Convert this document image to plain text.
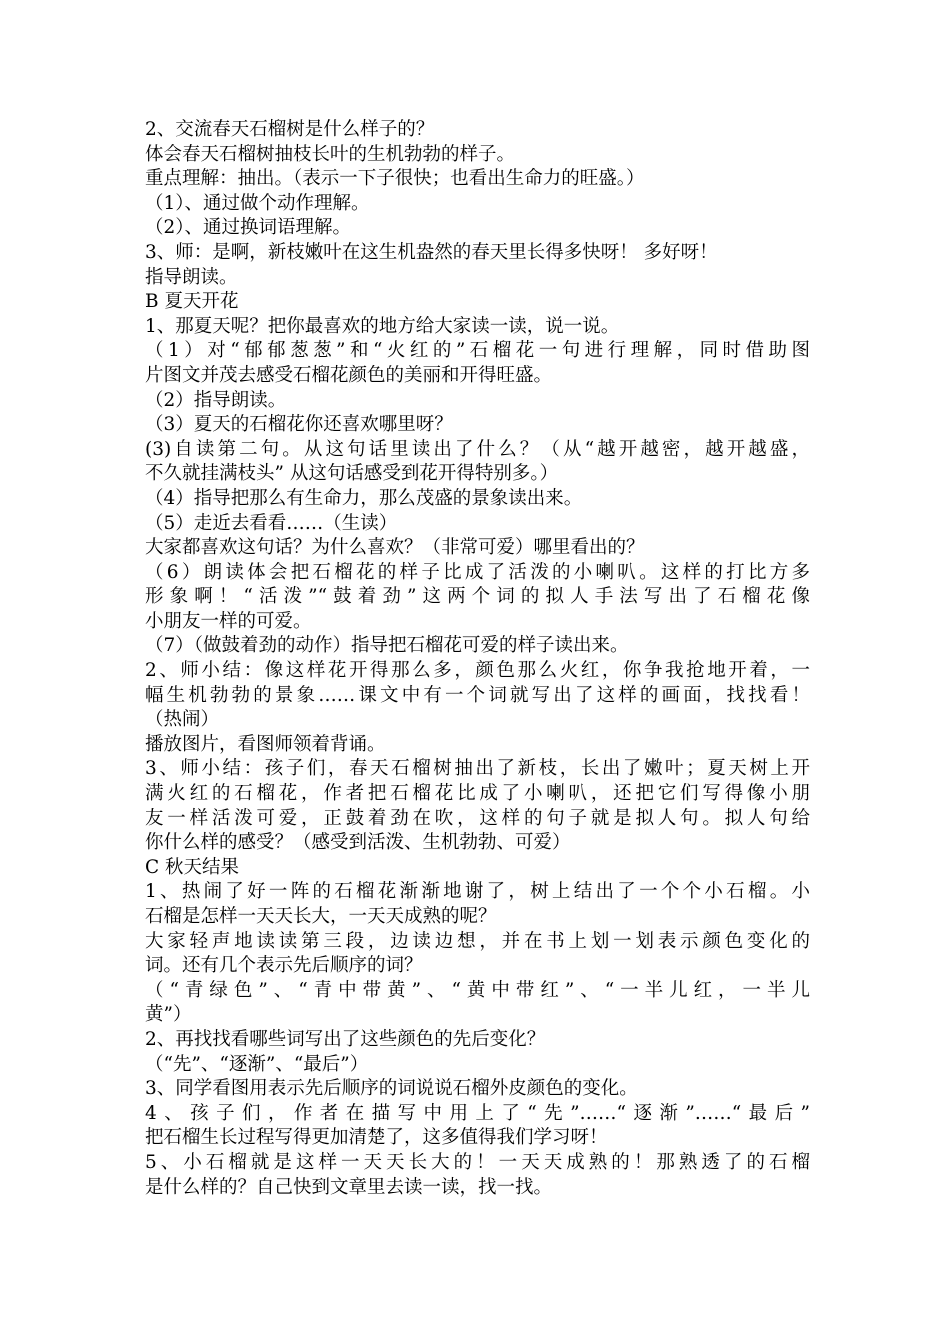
2、交流春天石榴树是什么样子的？

体会春天石榴树抽枝长叶的生机勃勃的样子。

重点理解：抽出。（表示一下子很快；也看出生命力的旺盛。）

（1）、通过做个动作理解。

（2）、通过换词语理解。

3、师：是啊，新枝嫩叶在这生机盎然的春天里长得多快呀！ 多好呀！

指导朗读。

B 夏天开花

1、那夏天呢？把你最喜欢的地方给大家读一读，说一说。

（1）对“郁郁葱葱”和“火红的”石榴花一句进行理解，同时借助图

片图文并茂去感受石榴花颜色的美丽和开得旺盛。

（2）指导朗读。

（3）夏天的石榴花你还喜欢哪里呀？

(3)自读第二句。从这句话里读出了什么？（从“越开越密，越开越盛，

不久就挂满枝头” 从这句话感受到花开得特别多。）

（4）指导把那么有生命力，那么茂盛的景象读出来。

（5）走近去看看……（生读）

大家都喜欢这句话？为什么喜欢？（非常可爱）哪里看出的？

（6）朗读体会把石榴花的样子比成了活泼的小喇叭。这样的打比方多

形象啊！“活泼”“鼓着劲”这两个词的拟人手法写出了石榴花像

小朋友一样的可爱。

（7）（做鼓着劲的动作）指导把石榴花可爱的样子读出来。

2、师小结：像这样花开得那么多，颜色那么火红，你争我抢地开着，一

幅生机勃勃的景象……课文中有一个词就写出了这样的画面，找找看！

（热闹）

播放图片，看图师领着背诵。

3、师小结：孩子们，春天石榴树抽出了新枝，长出了嫩叶；夏天树上开

满火红的石榴花，作者把石榴花比成了小喇叭，还把它们写得像小朋

友一样活泼可爱，正鼓着劲在吹，这样的句子就是拟人句。拟人句给

你什么样的感受？（感受到活泼、生机勃勃、可爱）

C 秋天结果

1、热闹了好一阵的石榴花渐渐地谢了，树上结出了一个个小石榴。小

石榴是怎样一天天长大，一天天成熟的呢？

大家轻声地读读第三段，边读边想，并在书上划一划表示颜色变化的

词。还有几个表示先后顺序的词？

（“青绿色”、“青中带黄”、“黄中带红”、“一半儿红，一半儿

黄”）

2、再找找看哪些词写出了这些颜色的先后变化？

（“先”、“逐渐”、“最后”）

3、同学看图用表示先后顺序的词说说石榴外皮颜色的变化。

4、孩子们，作者在描写中用上了“先”……“逐渐”……“最后”

把石榴生长过程写得更加清楚了，这多值得我们学习呀！

5、小石榴就是这样一天天长大的！一天天成熟的！那熟透了的石榴

是什么样的？自己快到文章里去读一读，找一找。
